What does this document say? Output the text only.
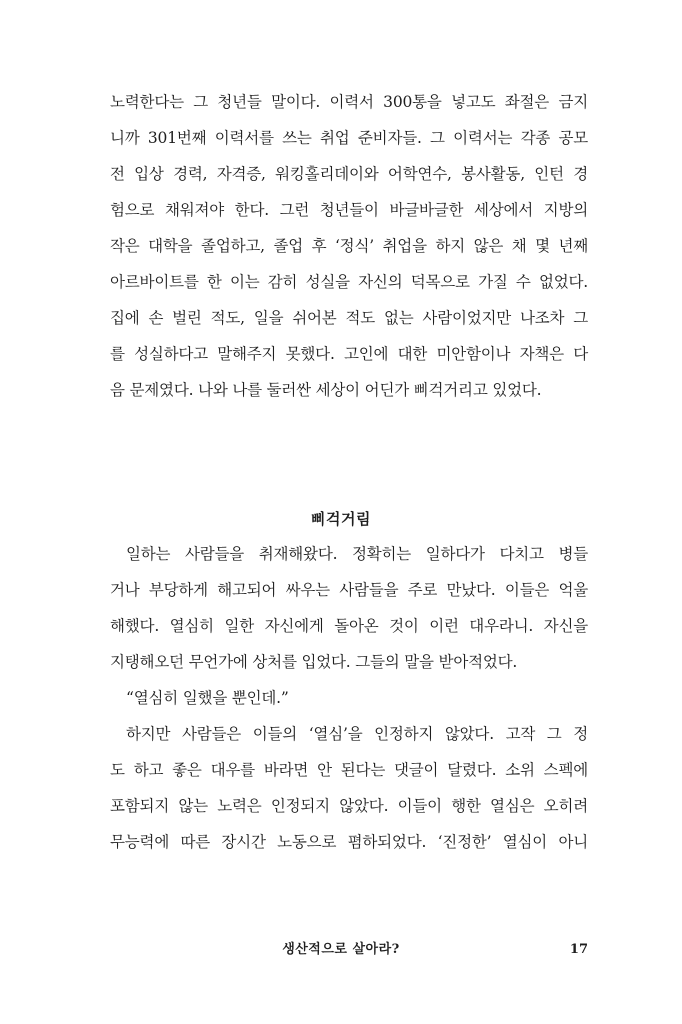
노력한다는 그 청년들 말이다. 이력서 300통을 넣고도 좌절은 금지
니까 301번째 이력서를 쓰는 취업 준비자들. 그 이력서는 각종 공모
전 입상 경력, 자격증, 워킹홀리데이와 어학연수, 봉사활동, 인턴 경
험으로 채워져야 한다. 그런 청년들이 바글바글한 세상에서 지방의
작은 대학을 졸업하고, 졸업 후 ‘정식’ 취업을 하지 않은 채 몇 년째
아르바이트를 한 이는 감히 성실을 자신의 덕목으로 가질 수 없었다.
집에 손 벌린 적도, 일을 쉬어본 적도 없는 사람이었지만 나조차 그
를 성실하다고 말해주지 못했다. 고인에 대한 미안함이나 자책은 다
음 문제였다. 나와 나를 둘러싼 세상이 어딘가 삐걱거리고 있었다.
삐걱거림
일하는 사람들을 취재해왔다. 정확히는 일하다가 다치고 병들
거나 부당하게 해고되어 싸우는 사람들을 주로 만났다. 이들은 억울
해했다. 열심히 일한 자신에게 돌아온 것이 이런 대우라니. 자신을
지탱해오던 무언가에 상처를 입었다. 그들의 말을 받아적었다.
“열심히 일했을 뿐인데.”
하지만 사람들은 이들의 ‘열심’을 인정하지 않았다. 고작 그 정
도 하고 좋은 대우를 바라면 안 된다는 댓글이 달렸다. 소위 스펙에
포함되지 않는 노력은 인정되지 않았다. 이들이 행한 열심은 오히려
무능력에 따른 장시간 노동으로 폄하되었다. ‘진정한’ 열심이 아니
생산적으로 살아라?	17
